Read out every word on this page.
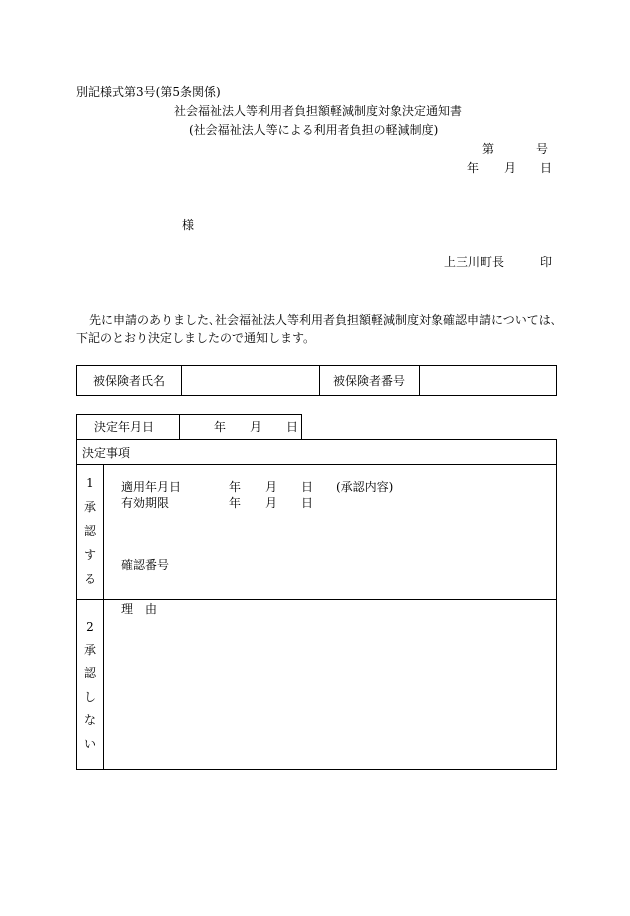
別記様式第3号(第5条関係)
社会福祉法人等利用者負担額軽減制度対象決定通知書
(社会福祉法人等による利用者負担の軽減制度)
第	号
年 月 日
様
上三川町長	印
先に申請のありました､社会福祉法人等利用者負担額軽減制度対象確認申請については､
下記のとおり決定しましたので通知します。
被保険者氏名	被保険者番号
決定年月日	年 月 日
決定事項
1
承
認
す
る
適用年月日	年 月 日 (承認内容)
有効期限	年 月 日
確認番号
2
承
認
し
な
い
理　由
